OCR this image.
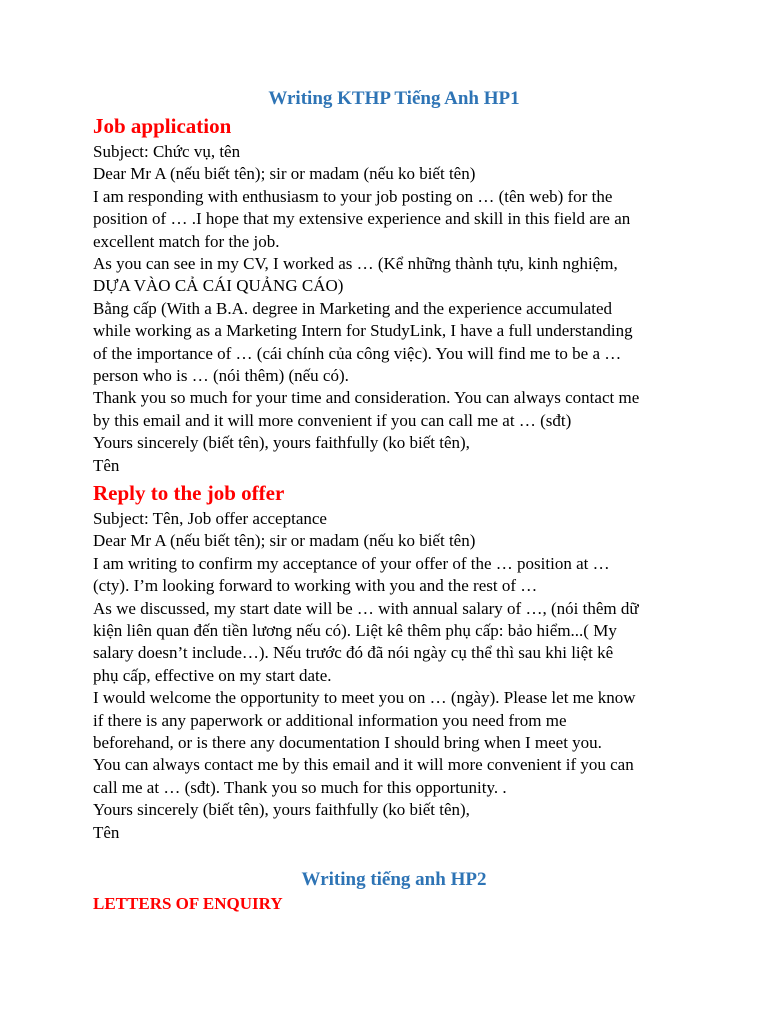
Writing KTHP Tiếng Anh HP1
Job application
Subject: Chức vụ, tên
Dear Mr A (nếu biết tên); sir or madam (nếu ko biết tên)
I am responding with enthusiasm to your job posting on … (tên web) for the
position of … .I hope that my extensive experience and skill in this field are an
excellent match for the job.
As you can see in my CV, I worked as … (Kể những thành tựu, kinh nghiệm,
DỰA VÀO CẢ CÁI QUẢNG CÁO)
Bằng cấp (With a B.A. degree in Marketing and the experience accumulated
while working as a Marketing Intern for StudyLink, I have a full understanding
of the importance of … (cái chính của công việc). You will find me to be a …
person who is … (nói thêm) (nếu có).
Thank you so much for your time and consideration. You can always contact me
by this email and it will more convenient if you can call me at … (sđt)
Yours sincerely (biết tên), yours faithfully (ko biết tên),
Tên
Reply to the job offer
Subject: Tên, Job offer acceptance
Dear Mr A (nếu biết tên); sir or madam (nếu ko biết tên)
I am writing to confirm my acceptance of your offer of the … position at …
(cty). I’m looking forward to working with you and the rest of …
As we discussed, my start date will be … with annual salary of …, (nói thêm dữ
kiện liên quan đến tiền lương nếu có). Liệt kê thêm phụ cấp: bảo hiểm...( My
salary doesn’t include…). Nếu trước đó đã nói ngày cụ thể thì sau khi liệt kê
phụ cấp, effective on my start date.
I would welcome the opportunity to meet you on … (ngày). Please let me know
if there is any paperwork or additional information you need from me
beforehand, or is there any documentation I should bring when I meet you.
You can always contact me by this email and it will more convenient if you can
call me at … (sđt). Thank you so much for this opportunity. .
Yours sincerely (biết tên), yours faithfully (ko biết tên),
Tên
Writing tiếng anh HP2
LETTERS OF ENQUIRY
